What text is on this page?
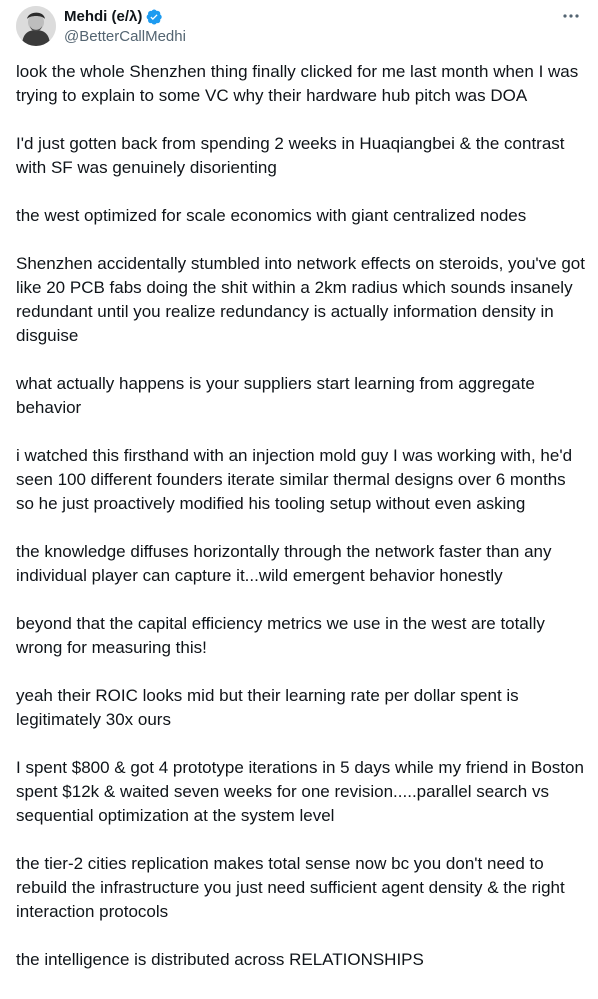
Mehdi (e/λ)
@BetterCallMedhi

look the whole Shenzhen thing finally clicked for me last month when I was trying to explain to some VC why their hardware hub pitch was DOA

I'd just gotten back from spending 2 weeks in Huaqiangbei & the contrast with SF was genuinely disorienting

the west optimized for scale economics with giant centralized nodes

Shenzhen accidentally stumbled into network effects on steroids, you've got like 20 PCB fabs doing the shit within a 2km radius which sounds insanely redundant until you realize redundancy is actually information density in disguise

what actually happens is your suppliers start learning from aggregate behavior

i watched this firsthand with an injection mold guy I was working with, he'd seen 100 different founders iterate similar thermal designs over 6 months so he just proactively modified his tooling setup without even asking

the knowledge diffuses horizontally through the network faster than any individual player can capture it...wild emergent behavior honestly

beyond that the capital efficiency metrics we use in the west are totally wrong for measuring this!

yeah their ROIC looks mid but their learning rate per dollar spent is legitimately 30x ours

I spent $800 & got 4 prototype iterations in 5 days while my friend in Boston spent $12k & waited seven weeks for one revision.....parallel search vs sequential optimization at the system level

the tier-2 cities replication makes total sense now bc you don't need to rebuild the infrastructure you just need sufficient agent density & the right interaction protocols

the intelligence is distributed across RELATIONSHIPS
